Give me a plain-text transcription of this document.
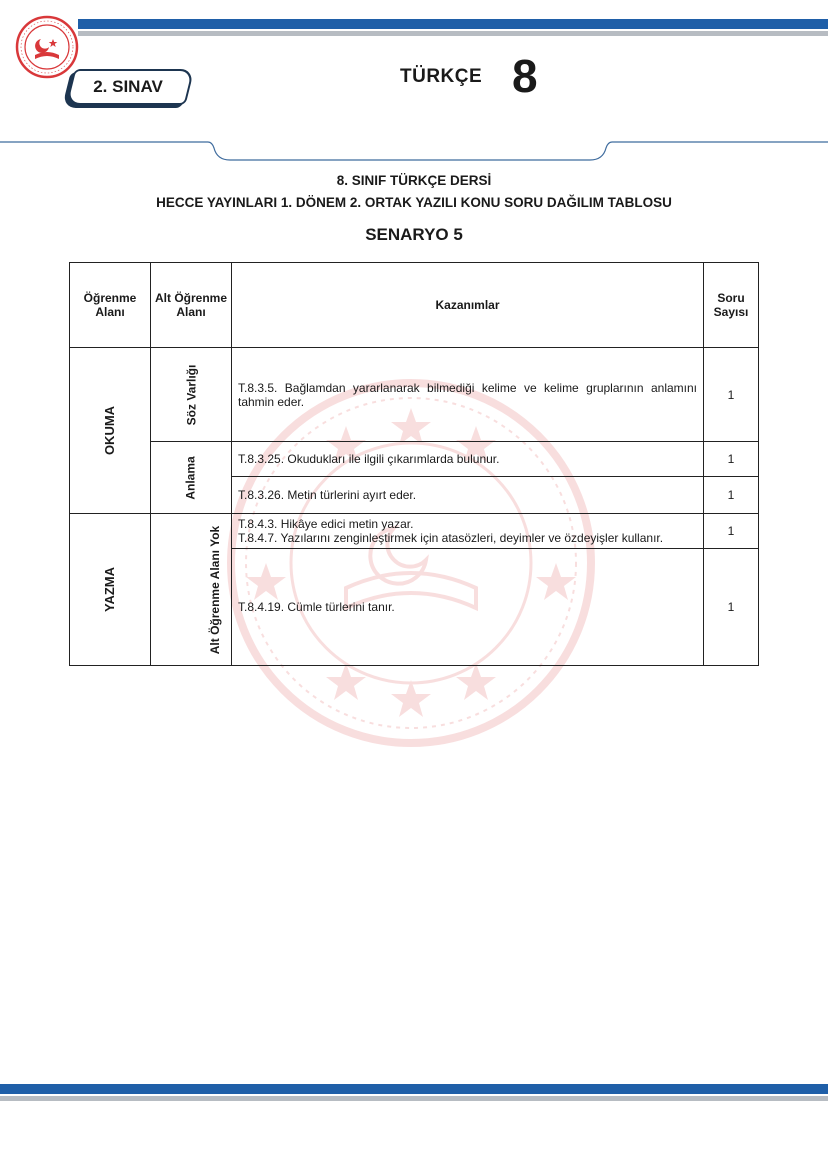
2. SINAV	TÜRKÇE 8
8. SINIF TÜRKÇE DERSİ
HECCE YAYINLARI 1. DÖNEM 2. ORTAK YAZILI KONU SORU DAĞILIM TABLOSU
SENARYO 5
Öğrenme Alanı	Alt Öğrenme Alanı	Kazanımlar	Soru Sayısı
OKUMA	Söz Varlığı	T.8.3.5. Bağlamdan yararlanarak bilmediği kelime ve kelime gruplarının anlamını tahmin eder.	1
	Anlama	T.8.3.25. Okudukları ile ilgili çıkarımlarda bulunur.	1
		T.8.3.26. Metin türlerini ayırt eder.	1
YAZMA	Alt Öğrenme Alanı Yok	T.8.4.3. Hikâye edici metin yazar.
T.8.4.7. Yazılarını zenginleştirmek için atasözleri, deyimler ve özdeyişler kullanır.	1
		T.8.4.19. Cümle türlerini tanır.	1
